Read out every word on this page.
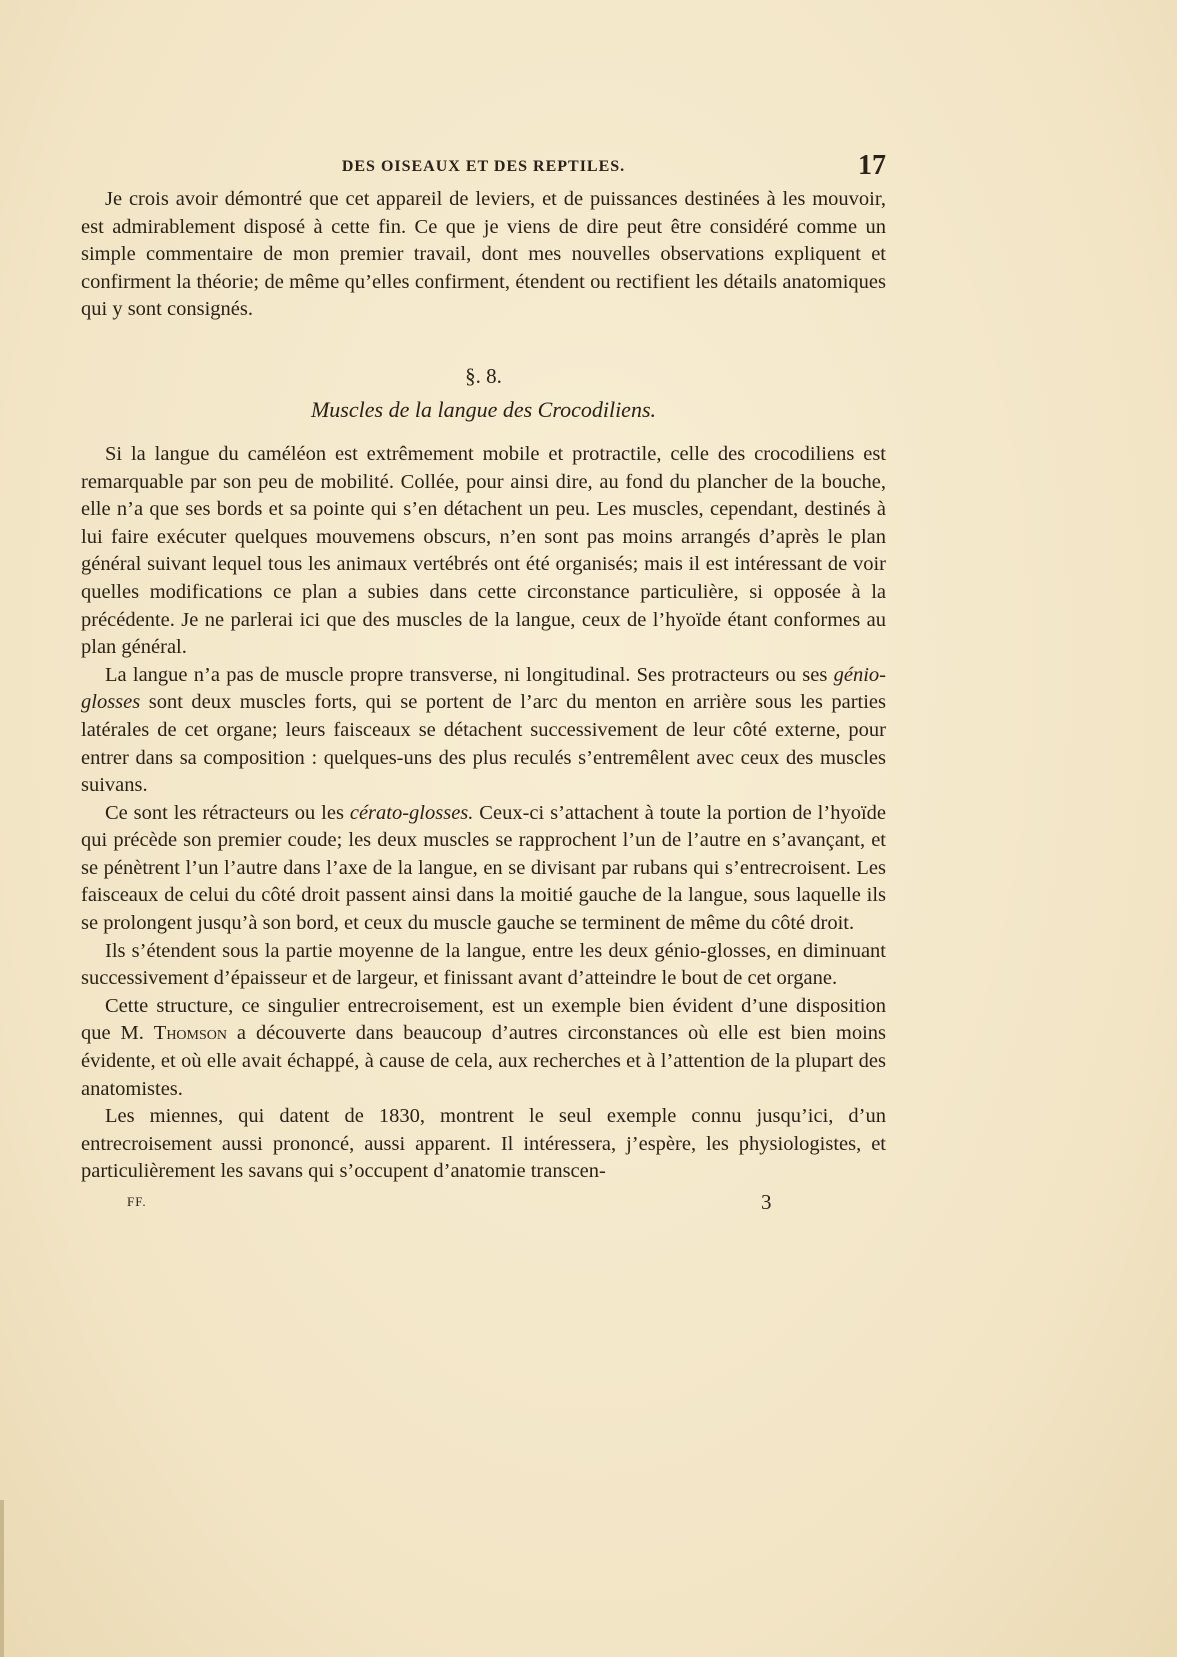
DES OISEAUX ET DES REPTILES.	17

Je crois avoir démontré que cet appareil de leviers, et de puissances destinées à les mouvoir, est admirablement disposé à cette fin. Ce que je viens de dire peut être considéré comme un simple commentaire de mon premier travail, dont mes nouvelles observations expliquent et confirment la théorie; de même qu’elles confirment, étendent ou rectifient les détails anatomiques qui y sont consignés.

§. 8.
Muscles de la langue des Crocodiliens.

Si la langue du caméléon est extrêmement mobile et protractile, celle des crocodiliens est remarquable par son peu de mobilité. Collée, pour ainsi dire, au fond du plancher de la bouche, elle n’a que ses bords et sa pointe qui s’en détachent un peu. Les muscles, cependant, destinés à lui faire exécuter quelques mouvemens obscurs, n’en sont pas moins arrangés d’après le plan général suivant lequel tous les animaux vertébrés ont été organisés; mais il est intéressant de voir quelles modifications ce plan a subies dans cette circonstance particulière, si opposée à la précédente. Je ne parlerai ici que des muscles de la langue, ceux de l’hyoïde étant conformes au plan général.

La langue n’a pas de muscle propre transverse, ni longitudinal. Ses protracteurs ou ses génio-glosses sont deux muscles forts, qui se portent de l’arc du menton en arrière sous les parties latérales de cet organe; leurs faisceaux se détachent successivement de leur côté externe, pour entrer dans sa composition : quelques-uns des plus reculés s’entremêlent avec ceux des muscles suivans.

Ce sont les rétracteurs ou les cérato-glosses. Ceux-ci s’attachent à toute la portion de l’hyoïde qui précède son premier coude; les deux muscles se rapprochent l’un de l’autre en s’avançant, et se pénètrent l’un l’autre dans l’axe de la langue, en se divisant par rubans qui s’entrecroisent. Les faisceaux de celui du côté droit passent ainsi dans la moitié gauche de la langue, sous laquelle ils se prolongent jusqu’à son bord, et ceux du muscle gauche se terminent de même du côté droit.

Ils s’étendent sous la partie moyenne de la langue, entre les deux génio-glosses, en diminuant successivement d’épaisseur et de largeur, et finissant avant d’atteindre le bout de cet organe.

Cette structure, ce singulier entrecroisement, est un exemple bien évident d’une disposition que M. Thomson a découverte dans beaucoup d’autres circonstances où elle est bien moins évidente, et où elle avait échappé, à cause de cela, aux recherches et à l’attention de la plupart des anatomistes.

Les miennes, qui datent de 1830, montrent le seul exemple connu jusqu’ici, d’un entrecroisement aussi prononcé, aussi apparent. Il intéressera, j’espère, les physiologistes, et particulièrement les savans qui s’occupent d’anatomie transcen-

FF.	3
